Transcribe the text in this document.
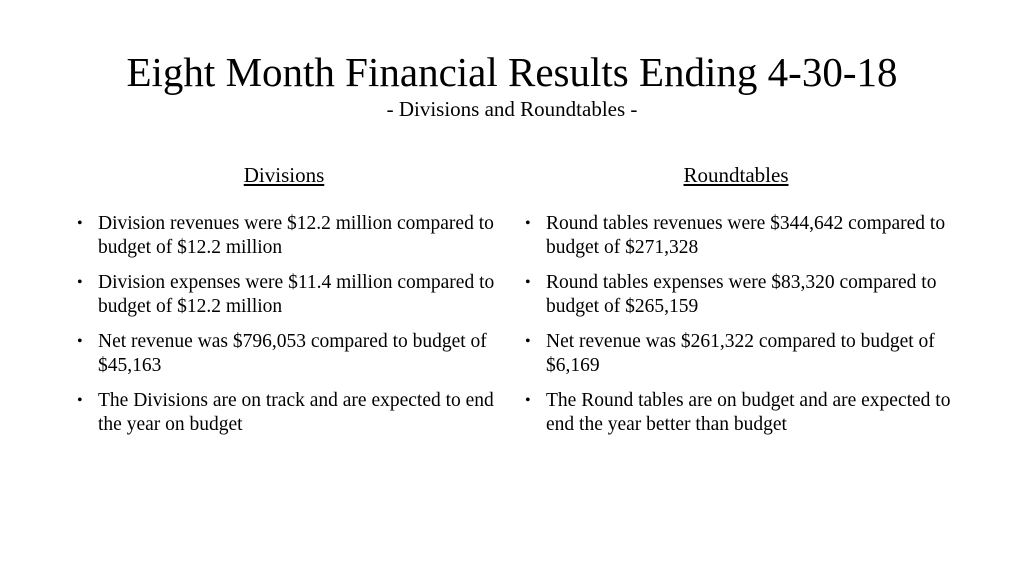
Eight Month Financial Results Ending 4-30-18
- Divisions and Roundtables -
Divisions
• Division revenues were $12.2 million compared to budget of $12.2 million
• Division expenses were $11.4 million compared to budget of $12.2 million
• Net revenue was $796,053 compared to budget of $45,163
• The Divisions are on track and are expected to end the year on budget
Roundtables
• Round tables revenues were $344,642 compared to budget of $271,328
• Round tables expenses were $83,320 compared to budget of $265,159
• Net revenue was $261,322 compared to budget of $6,169
• The Round tables are on budget and are expected to end the year better than budget
